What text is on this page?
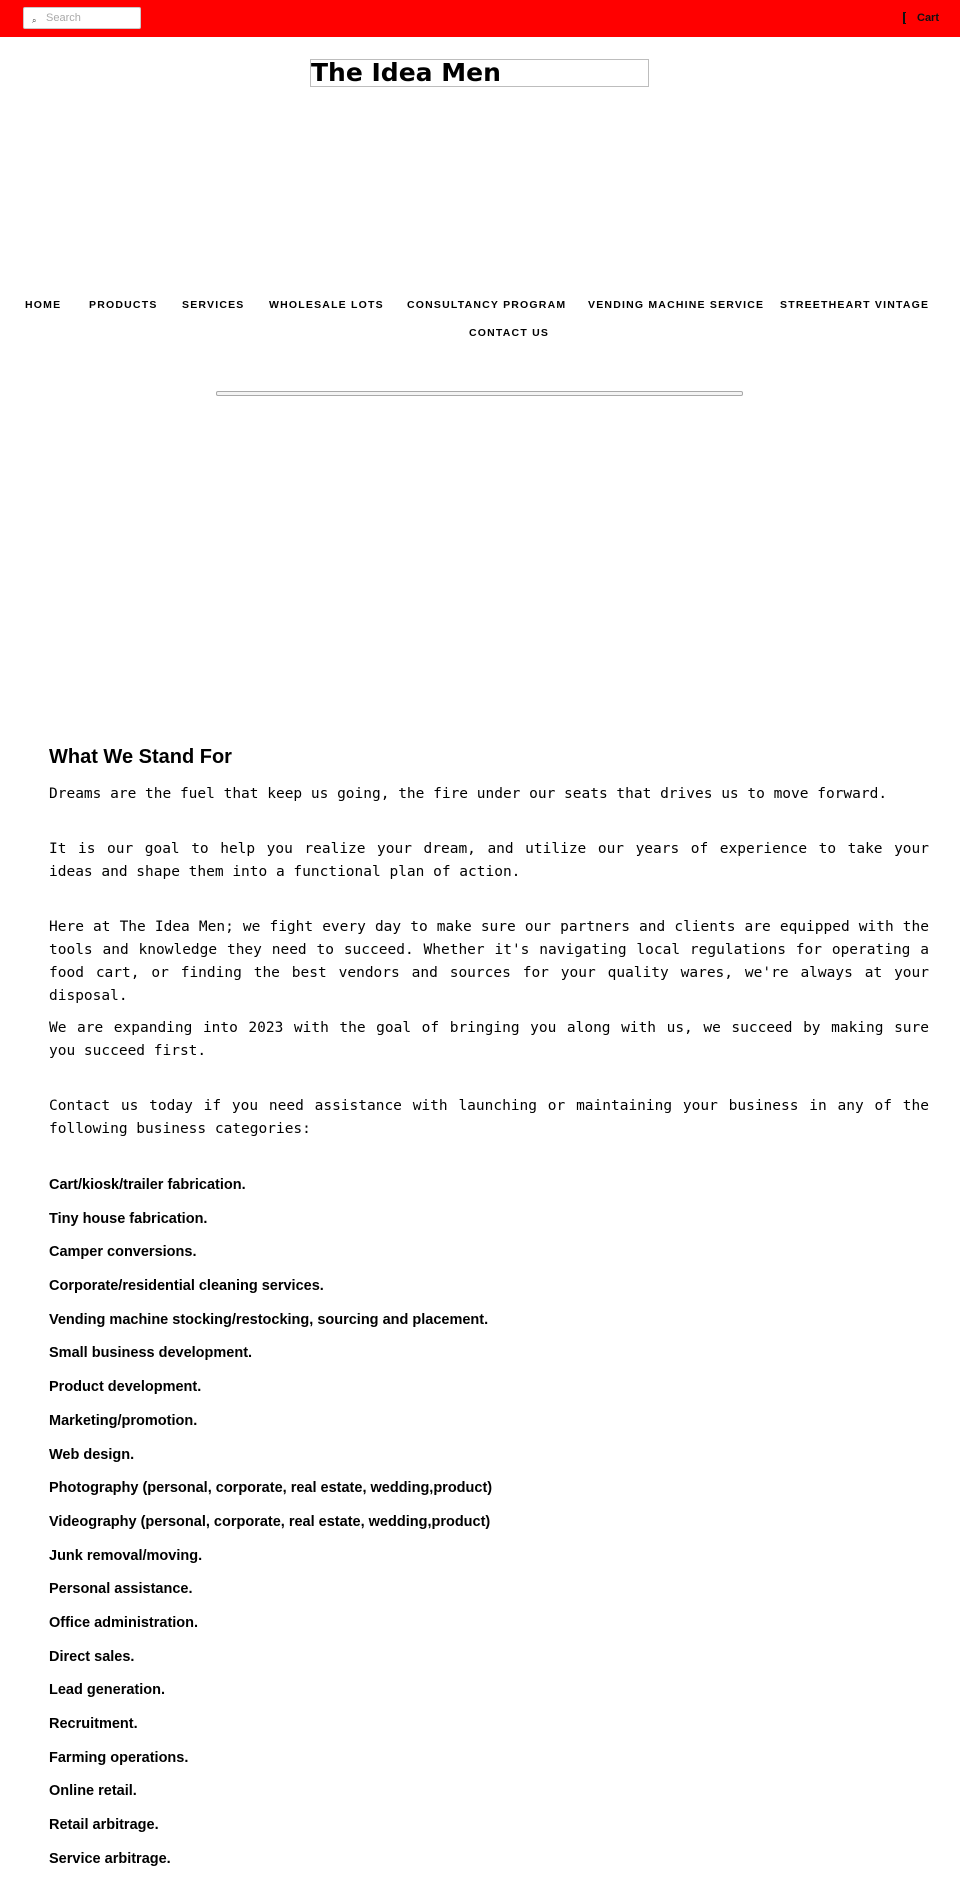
⌕
Search	Cart
The Idea Men
HOME	PRODUCTS SERVICES WHOLESALE LOTS CONSULTANCY PROGRAM VENDING MACHINE SERVICE STREETHEART VINTAGE
CONTACT US
What We Stand For

Dreams are the fuel that keep us going, the fire under our seats that drives us to move forward.

It is our goal to help you realize your dream, and utilize our years of experience to take your ideas and shape them into a functional plan of action.

Here at The Idea Men; we fight every day to make sure our partners and clients are equipped with the tools and knowledge they need to succeed. Whether it's navigating local regulations for operating a food cart, or finding the best vendors and sources for your quality wares, we're always at your disposal.

We are expanding into 2023 with the goal of bringing you along with us, we succeed by making sure you succeed first.

Contact us today if you need assistance with launching or maintaining your business in any of the following business categories:

Cart/kiosk/trailer fabrication.
Tiny house fabrication.
Camper conversions.
Corporate/residential cleaning services.
Vending machine stocking/restocking, sourcing and placement.
Small business development.
Product development.
Marketing/promotion.
Web design.
Photography (personal, corporate, real estate, wedding,product)
Videography (personal, corporate, real estate, wedding,product)
Junk removal/moving.
Personal assistance.
Office administration.
Direct sales.
Lead generation.
Recruitment.
Farming operations.
Online retail.
Retail arbitrage.
Service arbitrage.
